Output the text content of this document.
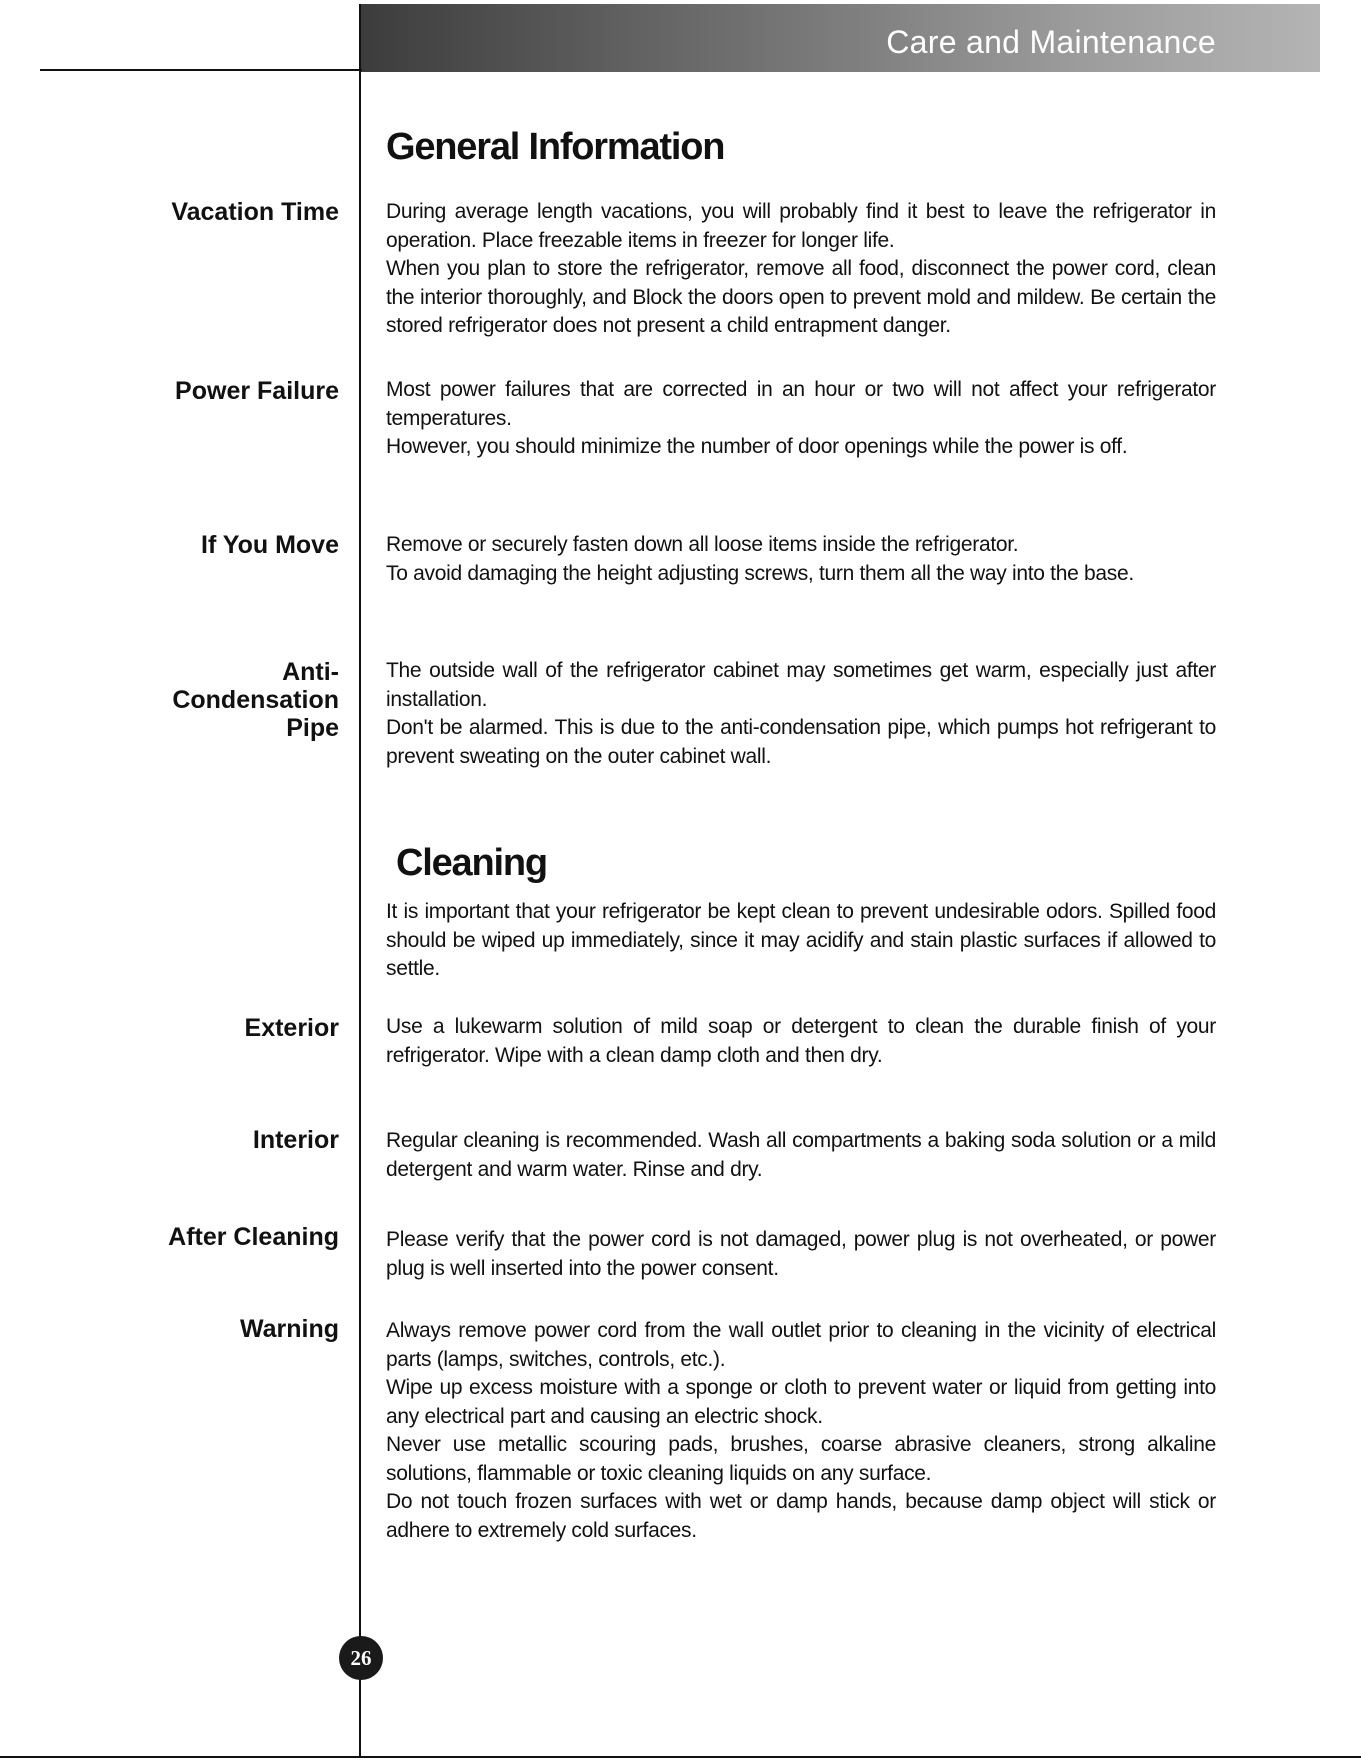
Care and Maintenance
26
General Information
Vacation Time During average length vacations, you will probably find it best to leave the refrigerator in operation. Place freezable items in freezer for longer life.

When you plan to store the refrigerator, remove all food, disconnect the power cord, clean the interior thoroughly, and Block the doors open to prevent mold and mildew. Be certain the stored refrigerator does not present a child entrapment danger.

Power Failure Most power failures that are corrected in an hour or two will not affect your refrigerator temperatures.

However, you should minimize the number of door openings while the power is off.

If You Move Remove or securely fasten down all loose items inside the refrigerator.

To avoid damaging the height adjusting screws, turn them all the way into the base.

Anti-
Condensation
Pipe

The outside wall of the refrigerator cabinet may sometimes get warm, especially just after installation.

Don't be alarmed. This is due to the anti-condensation pipe, which pumps hot refrigerant to prevent sweating on the outer cabinet wall.

Cleaning

It is important that your refrigerator be kept clean to prevent undesirable odors. Spilled food should be wiped up immediately, since it may acidify and stain plastic surfaces if allowed to settle.

Exterior Use a lukewarm solution of mild soap or detergent to clean the durable finish of your refrigerator. Wipe with a clean damp cloth and then dry.

Interior Regular cleaning is recommended. Wash all compartments a baking soda solution or a mild detergent and warm water. Rinse and dry.

After Cleaning Please verify that the power cord is not damaged, power plug is not overheated, or power plug is well inserted into the power consent.

Warning Always remove power cord from the wall outlet prior to cleaning in the vicinity of electrical parts (lamps, switches, controls, etc.).

Wipe up excess moisture with a sponge or cloth to prevent water or liquid from getting into any electrical part and causing an electric shock.

Never use metallic scouring pads, brushes, coarse abrasive cleaners, strong alkaline solutions, flammable or toxic cleaning liquids on any surface.

Do not touch frozen surfaces with wet or damp hands, because damp object will stick or adhere to extremely cold surfaces.
